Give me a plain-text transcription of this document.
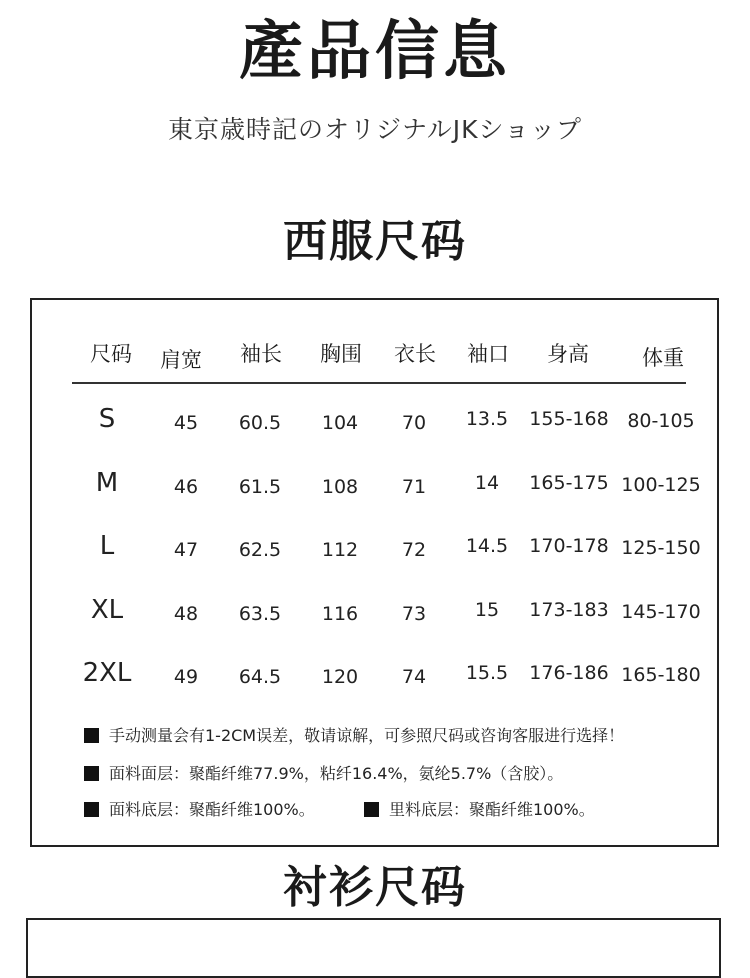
產品信息
東京歳時記のオリジナルJKショップ
西服尺码
尺码 肩宽 袖长 胸围 衣长 袖口 身高	体重
S	45 60.5 104 70 13.5 155-168 80-105
M	46 61.5 108 71	14 165-175 100-125
L	47 62.5 112 72 14.5 170-178 125-150
XL	48 63.5 116 73	15 173-183 145-170
2XL 49 64.5 120 74 15.5 176-186 165-180
手动测量会有1-2CM误差，敬请谅解，可参照尺码或咨询客服进行选择！
面料面层：聚酯纤维77.9%，粘纤16.4%，氨纶5.7%（含胶）。
面料底层：聚酯纤维100%。	里料底层：聚酯纤维100%。
衬衫尺码
